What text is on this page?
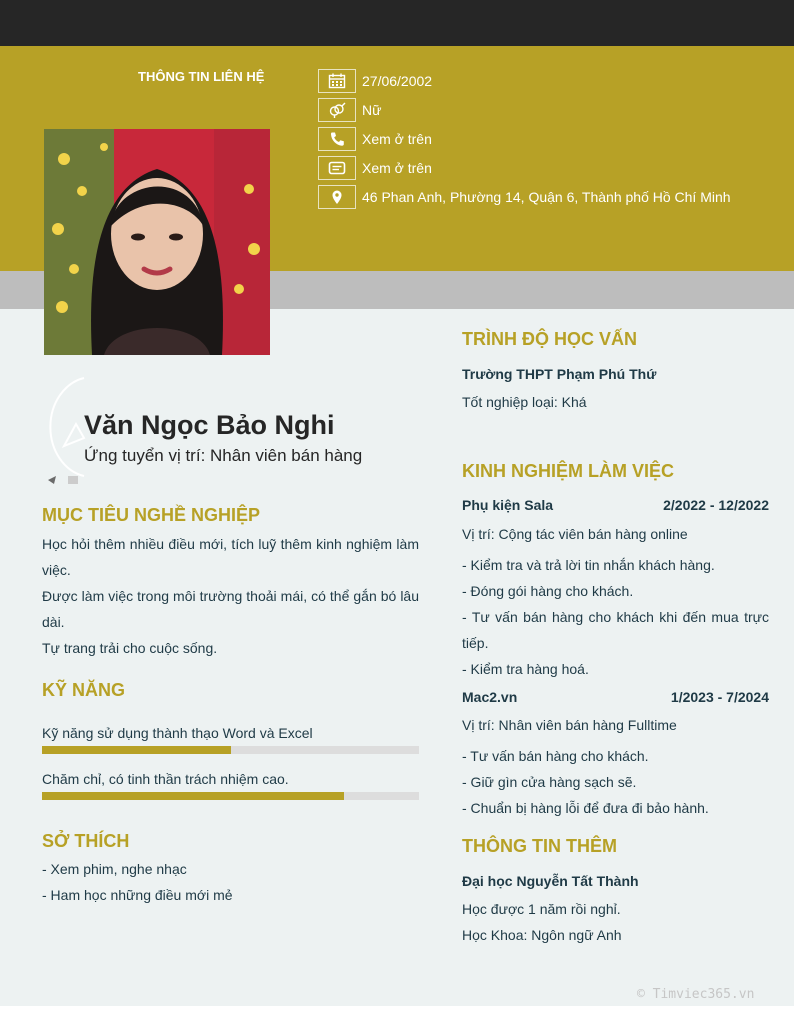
THÔNG TIN LIÊN HỆ	27/06/2002
Nữ
Xem ở trên
Xem ở trên
46 Phan Anh, Phường 14, Quận 6, Thành phố Hồ Chí Minh
Văn Ngọc Bảo Nghi
Ứng tuyển vị trí: Nhân viên bán hàng
MỤC TIÊU NGHỀ NGHIỆP
Học hỏi thêm nhiều điều mới, tích luỹ thêm kinh nghiệm làm việc.
Được làm việc trong môi trường thoải mái, có thể gắn bó lâu dài.
Tự trang trải cho cuộc sống.
KỸ NĂNG
Kỹ năng sử dụng thành thạo Word và Excel
Chăm chỉ, có tinh thần trách nhiệm cao.
SỞ THÍCH
- Xem phim, nghe nhạc
- Ham học những điều mới mẻ
TRÌNH ĐỘ HỌC VẤN
Trường THPT Phạm Phú Thứ
Tốt nghiệp loại: Khá
KINH NGHIỆM LÀM VIỆC
Phụ kiện Sala	2/2022 - 12/2022
Vị trí: Cộng tác viên bán hàng online
- Kiểm tra và trả lời tin nhắn khách hàng.
- Đóng gói hàng cho khách.
- Tư vấn bán hàng cho khách khi đến mua trực tiếp.
- Kiểm tra hàng hoá.
Mac2.vn	1/2023 - 7/2024
Vị trí: Nhân viên bán hàng Fulltime
- Tư vấn bán hàng cho khách.
- Giữ gìn cửa hàng sạch sẽ.
- Chuẩn bị hàng lỗi để đưa đi bảo hành.
THÔNG TIN THÊM
Đại học Nguyễn Tất Thành
Học được 1 năm rồi nghỉ.
Học Khoa: Ngôn ngữ Anh
© Timviec365.vn
